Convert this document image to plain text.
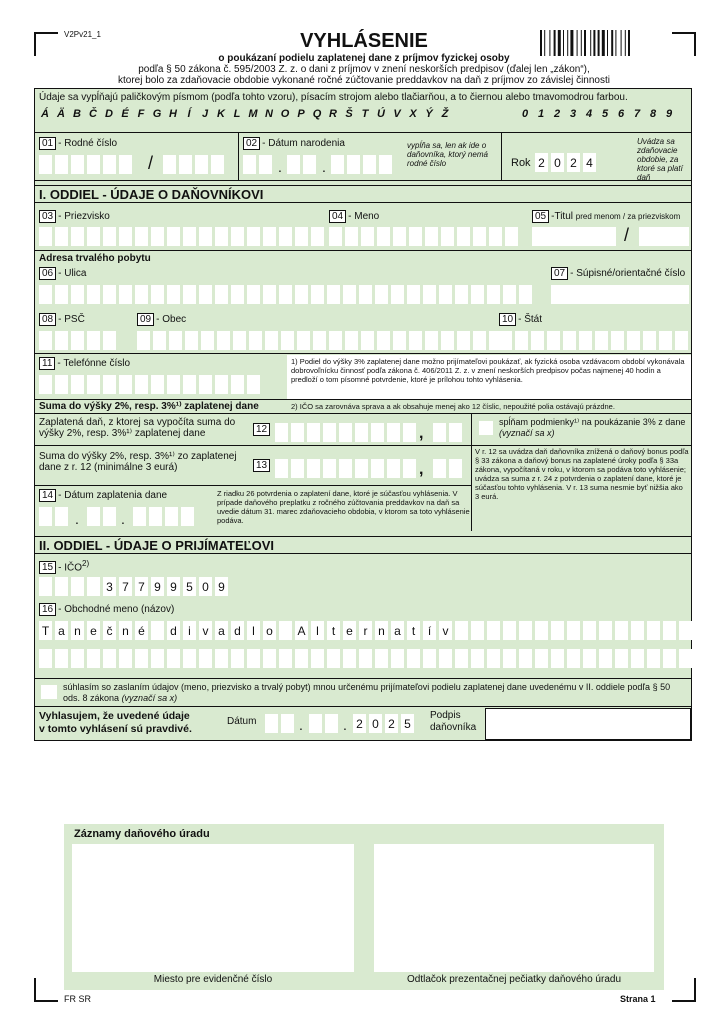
V2Pv21_1	VYHLÁSENIE
o poukázaní podielu zaplatenej dane z príjmov fyzickej osoby
podľa § 50 zákona č. 595/2003 Z. z. o dani z príjmov v znení neskorších predpisov (ďalej len „zákon“),
ktorej bolo za zdaňovacie obdobie vykonané ročné zúčtovanie preddavkov na daň z príjmov zo závislej činnosti
Údaje sa vypĺňajú paličkovým písmom (podľa tohto vzoru), písacím strojom alebo tlačiarňou, a to čiernou alebo tmavomodrou farbou.
Á Ä B Č D É F G H Í	J K L M N O P Q R Š T Ú V X Ý Ž	0 1 2 3 4 5 6 7 8 9
01 - Rodné číslo
/
02 - Dátum narodenia
.	.
vypĺňa sa, len ak ide o daňovníka, ktorý nemá rodné číslo	Rok 2 0 2 4
Uvádza sa zdaňovacie obdobie, za ktoré sa platí daň
I. ODDIEL - ÚDAJE O DAŇOVNÍKOVI
03 - Priezvisko	04 - Meno	05 -Titul pred menom / za priezviskom
/
Adresa trvalého pobytu
06 - Ulica	07 - Súpisné/orientačné číslo
08 - PSČ	09 - Obec	10 - Štát
11 - Telefónne číslo	1) Podiel do výšky 3% zaplatenej dane možno prijímateľovi poukázať, ak fyzická osoba vzdávacom období vykonávala dobrovoľnícku činnosť podľa zákona č. 406/2011 Z. z. v znení neskorších predpisov počas najmenej 40 hodín a predloží o tom písomné potvrdenie, ktoré je prílohou tohto vyhlásenia.
Suma do výšky 2%, resp. 3%¹⁾ zaplatenej dane	2) IČO sa zarovnáva sprava a ak obsahuje menej ako 12 číslic, nepoužité polia ostávajú prázdne.
Zaplatená daň, z ktorej sa vypočíta suma do výšky 2%, resp. 3%¹⁾ zaplatenej dane	12	,
spĺňam podmienky¹⁾ na poukázanie 3% z dane (vyznačí sa x)
Suma do výšky 2%, resp. 3%¹⁾ zo zaplatenej dane z r. 12 (minimálne 3 eurá)	13	,
V r. 12 sa uvádza daň daňovníka znížená o daňový bonus podľa § 33 zákona a daňový bonus na zaplatené úroky podľa § 33a zákona, vypočítaná v roku, v ktorom sa podáva toto vyhlásenie; uvádza sa suma z r. 24 z potvrdenia o zaplatení dane, ktoré je súčasťou tohto vyhlásenia. V r. 13 suma nesmie byť nižšia ako 3 eurá.
14 - Dátum zaplatenia dane
.	.
Z riadku 26 potvrdenia o zaplatení dane, ktoré je súčasťou vyhlásenia. V prípade daňového preplatku z ročného zúčtovania preddavkov na daň sa uvedie dátum 31. marec zdaňovacieho obdobia, v ktorom sa toto vyhlásenie podáva.
II. ODDIEL - ÚDAJE O PRIJÍMATEĽOVI
15 - IČO$^{2)}$
3 7 7 9 9 5 0 9
16 - Obchodné meno (názov)
T a n e č n é d i v a d l o A l	t e r n a t	í v
súhlasím so zaslaním údajov (meno, priezvisko a trvalý pobyt) mnou určenému prijímateľovi podielu zaplatenej dane uvedenému v II. oddiele podľa § 50 ods. 8 zákona (vyznačí sa x)
Vyhlasujem, že uvedené údaje
v tomto vyhlásení sú pravdivé.
Dátum	.	. 2 0 2 5
Podpis
daňovníka
Záznamy daňového úradu
Miesto pre evidenčné číslo	Odtlačok prezentačnej pečiatky daňového úradu
FR SR	Strana 1
